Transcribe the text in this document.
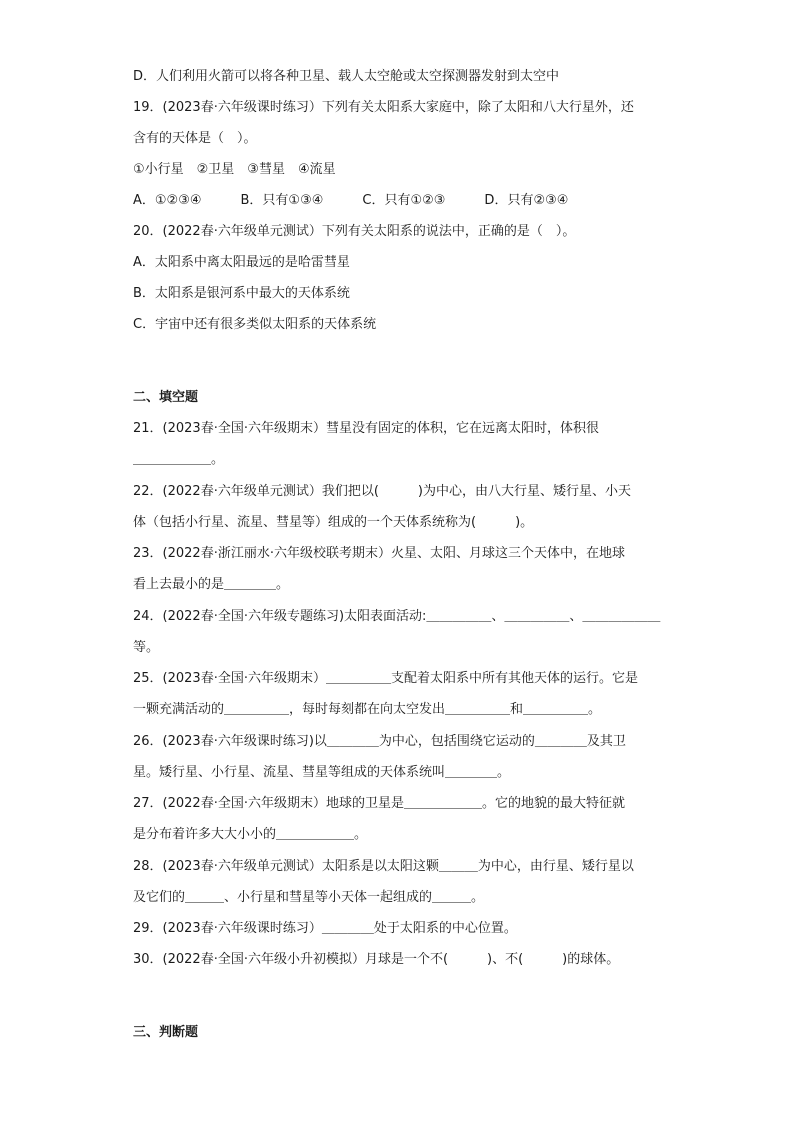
D．人们利用火箭可以将各种卫星、载人太空舱或太空探测器发射到太空中
19．(2023春·六年级课时练习）下列有关太阳系大家庭中，除了太阳和八大行星外，还
含有的天体是（　）。
①小行星　②卫星　③彗星　④流星
A．①②③④　　　B．只有①③④　　　C．只有①②③　　　D．只有②③④
20．(2022春·六年级单元测试）下列有关太阳系的说法中，正确的是（　）。
A．太阳系中离太阳最远的是哈雷彗星
B．太阳系是银河系中最大的天体系统
C．宇宙中还有很多类似太阳系的天体系统
二、填空题
21．(2023春·全国·六年级期末）彗星没有固定的体积，它在远离太阳时，体积很
＿＿＿＿＿＿。
22．(2022春·六年级单元测试）我们把以(　　　)为中心，由八大行星、矮行星、小天
体（包括小行星、流星、彗星等）组成的一个天体系统称为(　　　)。
23．(2022春·浙江丽水·六年级校联考期末）火星、太阳、月球这三个天体中，在地球
看上去最小的是＿＿＿＿。
24．(2022春·全国·六年级专题练习)太阳表面活动:＿＿＿＿＿、＿＿＿＿＿、＿＿＿＿＿＿
等。
25．(2023春·全国·六年级期末）＿＿＿＿＿支配着太阳系中所有其他天体的运行。它是
一颗充满活动的＿＿＿＿＿，每时每刻都在向太空发出＿＿＿＿＿和＿＿＿＿＿。
26．(2023春·六年级课时练习)以＿＿＿＿为中心，包括围绕它运动的＿＿＿＿及其卫
星。矮行星、小行星、流星、彗星等组成的天体系统叫＿＿＿＿。
27．(2022春·全国·六年级期末）地球的卫星是＿＿＿＿＿＿。它的地貌的最大特征就
是分布着许多大大小小的＿＿＿＿＿＿。
28．(2023春·六年级单元测试）太阳系是以太阳这颗＿＿＿为中心，由行星、矮行星以
及它们的＿＿＿、小行星和彗星等小天体一起组成的＿＿＿。
29．(2023春·六年级课时练习）＿＿＿＿处于太阳系的中心位置。
30．(2022春·全国·六年级小升初模拟）月球是一个不(　　　)、不(　　　)的球体。
三、判断题
